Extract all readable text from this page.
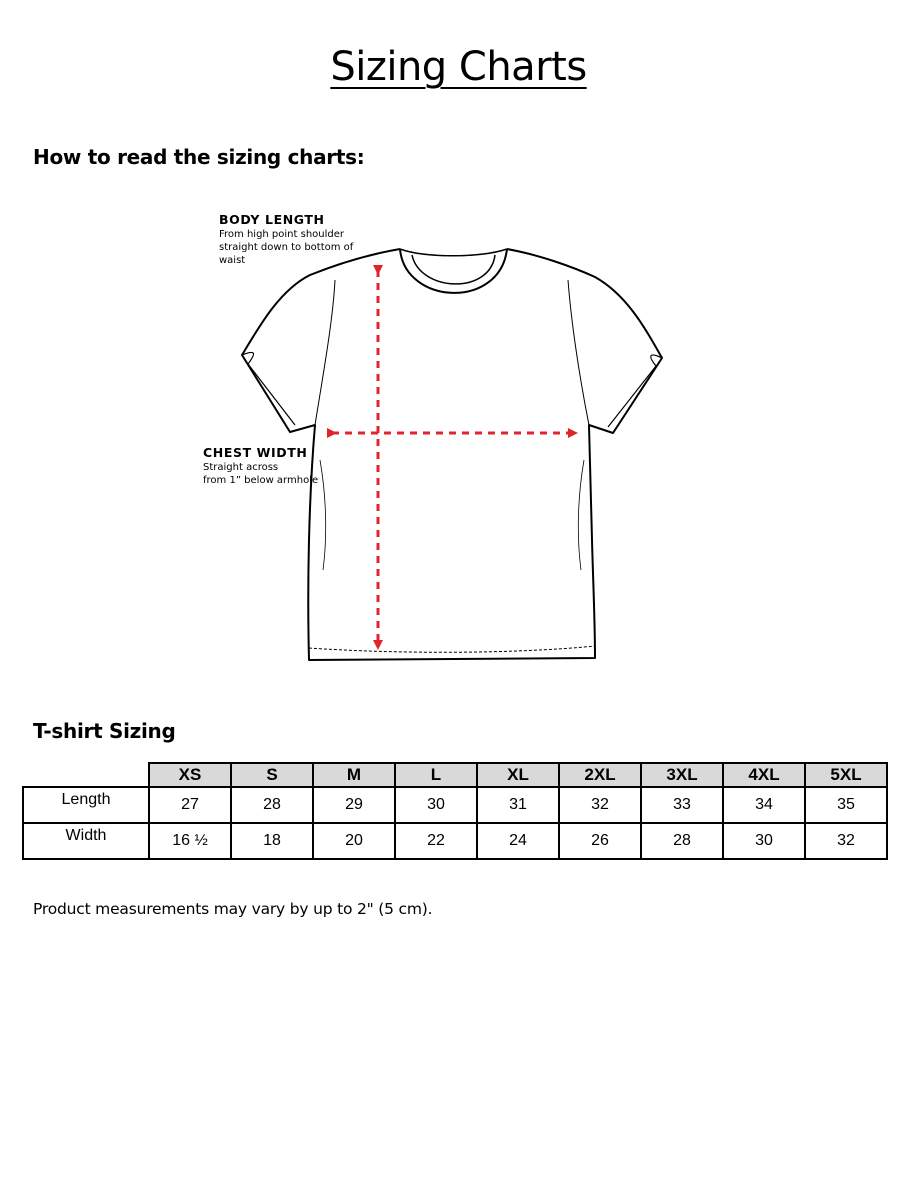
Sizing Charts
How to read the sizing charts:

BODY LENGTH

From high point shoulder
straight down to bottom of waist

CHEST WIDTH

Straight across
from 1” below armhole
T-shirt Sizing
	XS	S	M	L	XL	2XL	3XL	4XL	5XL
Length	27	28	29	30	31	32	33	34	35
Width	16 ½	18	20	22	24	26	28	30	32

Product measurements may vary by up to 2" (5 cm).
